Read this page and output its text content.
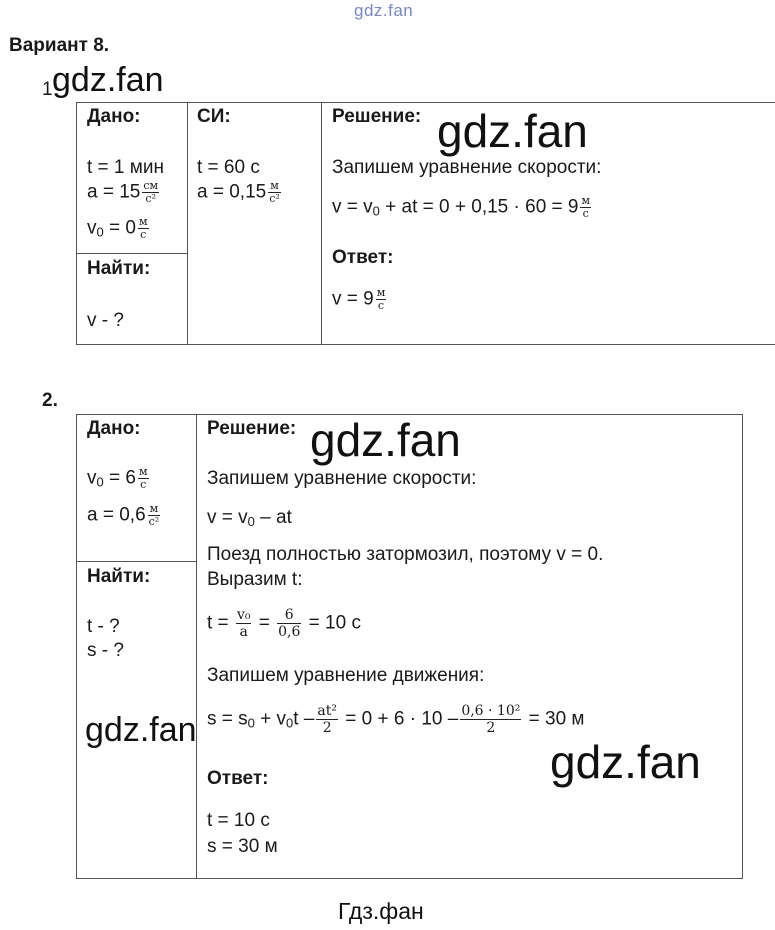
gdz.fan
Вариант 8.
1 gdz.fan
Дано:
t = 1 мин
$a = 15 \frac{см}{\text{c²}}$
$v_0 = 0 \frac{м}{c}$
Найти:
v - ?
СИ:
t = 60 с
$a = 0,15 \frac{м}{\text{c²}}$
Решение: gdz.fan
Запишем уравнение скорости:
$v = v_0$ + at = $0 + 0,15 \cdot 60 = 9 \frac{м}{c}$
Ответ:
$v = 9 \frac{м}{c}$
2.
Дано:
$v_0 = 6 \frac{м}{c}$
$a = 0,6 \frac{м}{\text{c²}}$
Найти:
t - ?
s - ?
gdz.fan
Решение: gdz.fan
Запишем уравнение скорости:
$v = v_0$ – at
Поезд полностью затормозил, поэтому v = 0.
Выразим t:
$t = \frac{\text{v₀}}{a} = \frac{6}{0,6} = 10$ с
Запишем уравнение движения:
$s = s_0 + v_0t - \frac{\text{at²}}{2} = 0 + 6 \cdot 10 - \frac{\text{0,6 · 10²}}{2} = 30$ м
gdz.fan
Ответ:
t = 10 с
s = 30 м
Гдз.фан
